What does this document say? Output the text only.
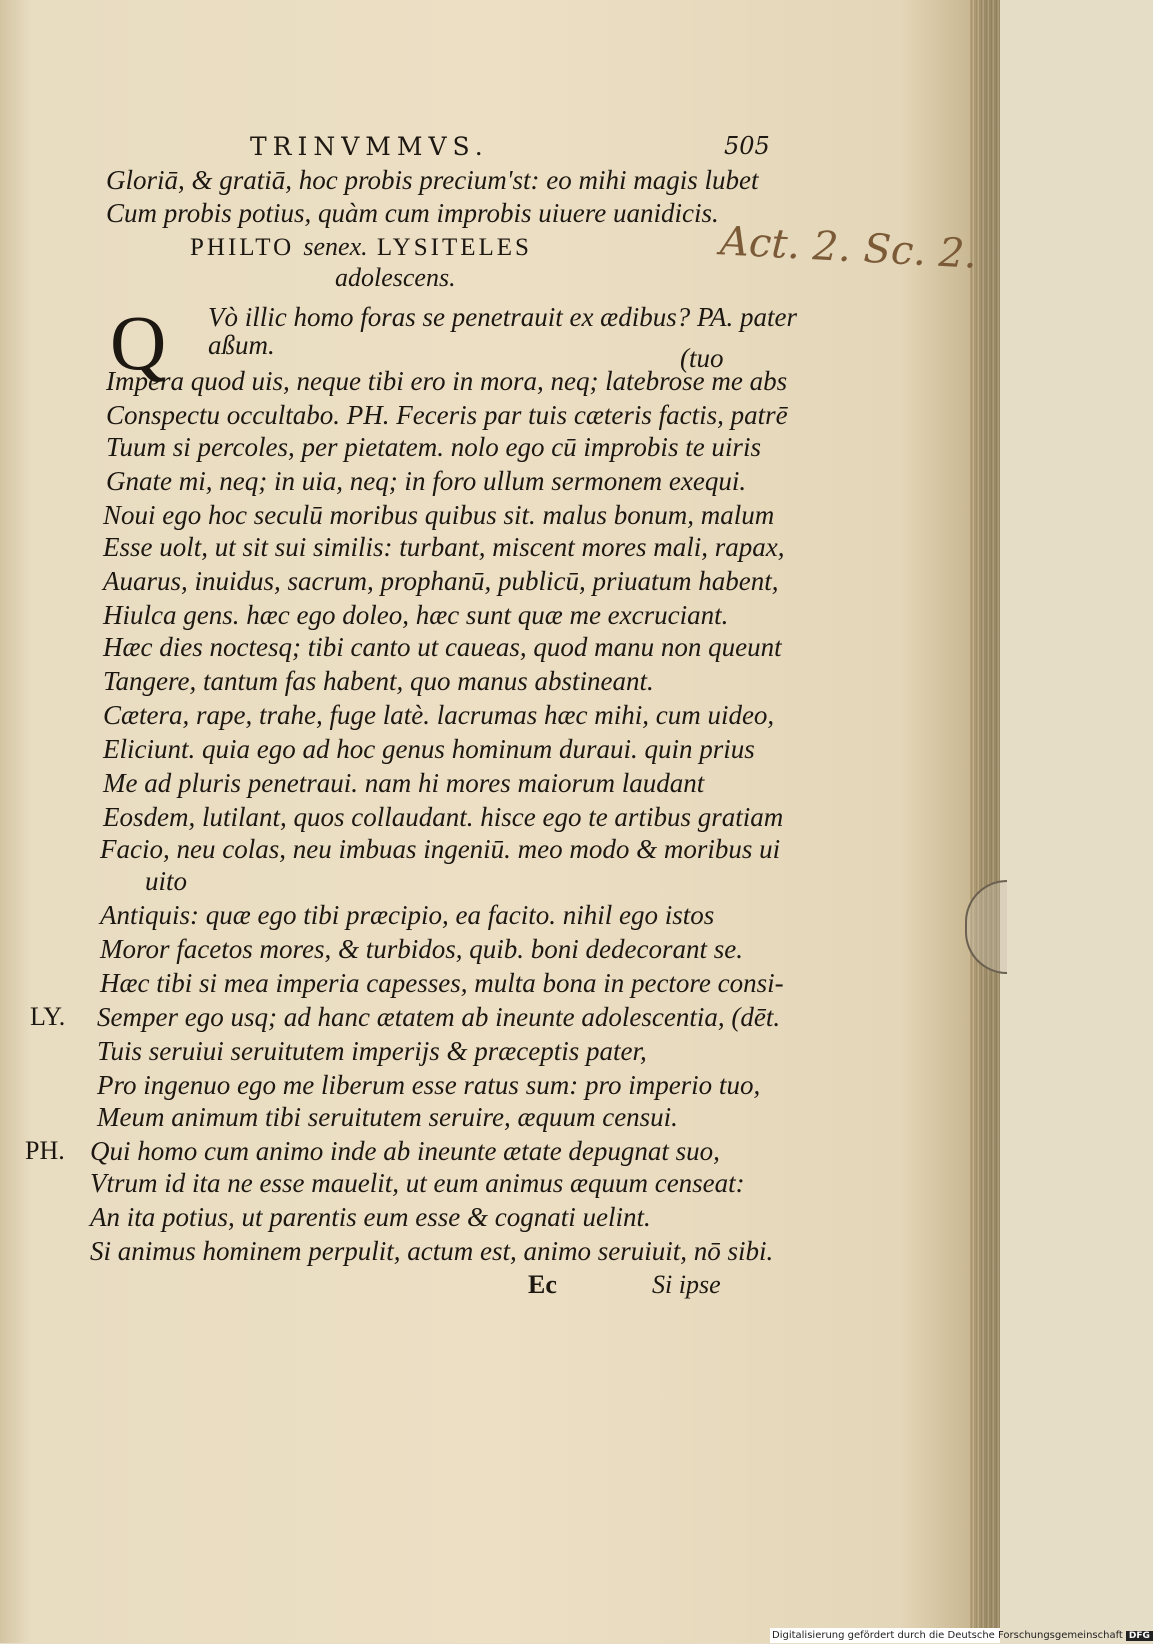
TRINVMMVS.	505
Gloriā, & gratiā, hoc probis precium'st: eo mihi magis lubet
Cum probis potius, quàm cum improbis uiuere uanidicis.
Act. 2. Sc. 2.
PHILTO senex. LYSITELES
adolescens.
Q Vò illic homo foras se penetrauit ex ædibus? PA. pater
aßum.	(tuo
Impera quod uis, neque tibi ero in mora, neq; latebrose me abs
Conspectu occultabo. PH. Feceris par tuis cæteris factis, patrē
Tuum si percoles, per pietatem. nolo ego cū improbis te uiris
Gnate mi, neq; in uia, neq; in foro ullum sermonem exequi.
Noui ego hoc seculū moribus quibus sit. malus bonum, malum
Esse uolt, ut sit sui similis: turbant, miscent mores mali, rapax,
Auarus, inuidus, sacrum, prophanū, publicū, priuatum habent,
Hiulca gens. hæc ego doleo, hæc sunt quæ me excruciant.
Hæc dies noctesq; tibi canto ut caueas, quod manu non queunt
Tangere, tantum fas habent, quo manus abstineant.
Cætera, rape, trahe, fuge latè. lacrumas hæc mihi, cum uideo,
Eliciunt. quia ego ad hoc genus hominum duraui. quin prius
Me ad pluris penetraui. nam hi mores maiorum laudant
Eosdem, lutilant, quos collaudant. hisce ego te artibus gratiam
Facio, neu colas, neu imbuas ingeniū. meo modo & moribus ui
uito
Antiquis: quæ ego tibi præcipio, ea facito. nihil ego istos
Moror facetos mores, & turbidos, quib. boni dedecorant se.
Hæc tibi si mea imperia capesses, multa bona in pectore consi-
LY. Semper ego usq; ad hanc ætatem ab ineunte adolescentia, (dēt.
Tuis seruiui seruitutem imperijs & præceptis pater,
Pro ingenuo ego me liberum esse ratus sum: pro imperio tuo,
Meum animum tibi seruitutem seruire, æquum censui.
PH. Qui homo cum animo inde ab ineunte ætate depugnat suo,
Vtrum id ita ne esse mauelit, ut eum animus æquum censeat:
An ita potius, ut parentis eum esse & cognati uelint.
Si animus hominem perpulit, actum est, animo seruiuit, nō sibi.
Ec	Si ipse
Digitalisierung gefördert durch die Deutsche Forschungsgemeinschaft DFG
